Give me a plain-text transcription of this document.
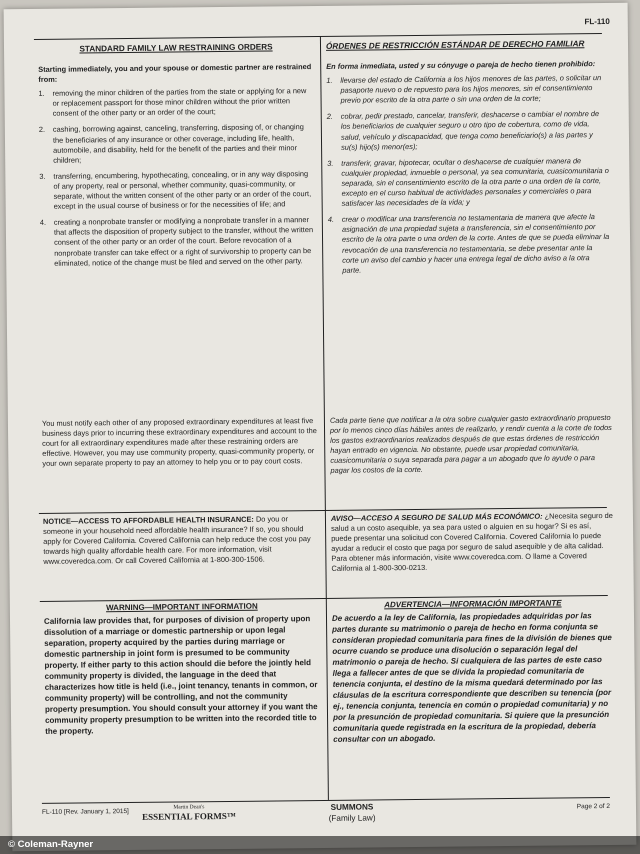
FL-110
STANDARD FAMILY LAW RESTRAINING ORDERS
Starting immediately, you and your spouse or domestic partner are restrained from:
1.	removing the minor children of the parties from the state or applying for a new or replacement passport for those minor children without the prior written consent of the other party or an order of the court;
2.	cashing, borrowing against, canceling, transferring, disposing of, or changing the beneficiaries of any insurance or other coverage, including life, health, automobile, and disability, held for the benefit of the parties and their minor children;
3.	transferring, encumbering, hypothecating, concealing, or in any way disposing of any property, real or personal, whether community, quasi-community, or separate, without the written consent of the other party or an order of the court, except in the usual course of business or for the necessities of life; and
4.	creating a nonprobate transfer or modifying a nonprobate transfer in a manner that affects the disposition of property subject to the transfer, without the written consent of the other party or an order of the court. Before revocation of a nonprobate transfer can take effect or a right of survivorship to property can be eliminated, notice of the change must be filed and served on the other party.
ÓRDENES DE RESTRICCIÓN ESTÁNDAR DE DERECHO FAMILIAR
En forma inmediata, usted y su cónyuge o pareja de hecho tienen prohibido:
1.	llevarse del estado de California a los hijos menores de las partes, o solicitar un pasaporte nuevo o de repuesto para los hijos menores, sin el consentimiento previo por escrito de la otra parte o sin una orden de la corte;
2.	cobrar, pedir prestado, cancelar, transferir, deshacerse o cambiar el nombre de los beneficiarios de cualquier seguro u otro tipo de cobertura, como de vida, salud, vehículo y discapacidad, que tenga como beneficiario(s) a las partes y su(s) hijo(s) menor(es);
3.	transferir, gravar, hipotecar, ocultar o deshacerse de cualquier manera de cualquier propiedad, inmueble o personal, ya sea comunitaria, cuasicomunitaria o separada, sin el consentimiento escrito de la otra parte o una orden de la corte, excepto en el curso habitual de actividades personales y comerciales o para satisfacer las necesidades de la vida; y
4.	crear o modificar una transferencia no testamentaria de manera que afecte la asignación de una propiedad sujeta a transferencia, sin el consentimiento por escrito de la otra parte o una orden de la corte. Antes de que se pueda eliminar la revocación de una transferencia no testamentaria, se debe presentar ante la corte un aviso del cambio y hacer una entrega legal de dicho aviso a la otra parte.

You must notify each other of any proposed extraordinary expenditures at least five business days prior to incurring these extraordinary expenditures and account to the court for all extraordinary expenditures made after these restraining orders are effective. However, you may use community property, quasi-community property, or your own separate property to pay an attorney to help you or to pay court costs.

Cada parte tiene que notificar a la otra sobre cualquier gasto extraordinario propuesto por lo menos cinco días hábiles antes de realizarlo, y rendir cuenta a la corte de todos los gastos extraordinarios realizados después de que estas órdenes de restricción hayan entrado en vigencia. No obstante, puede usar propiedad comunitaria, cuasicomunitaria o suya separada para pagar a un abogado que lo ayude o para pagar los costos de la corte.

NOTICE—ACCESS TO AFFORDABLE HEALTH INSURANCE: Do you or someone in your household need affordable health insurance? If so, you should apply for Covered California. Covered California can help reduce the cost you pay towards high quality affordable health care. For more information, visit www.coveredca.com. Or call Covered California at 1-800-300-1506.

AVISO—ACCESO A SEGURO DE SALUD MÁS ECONÓMICO: ¿Necesita seguro de salud a un costo asequible, ya sea para usted o alguien en su hogar? Si es así, puede presentar una solicitud con Covered California. Covered California lo puede ayudar a reducir el costo que paga por seguro de salud asequible y de alta calidad. Para obtener más información, visite www.coveredca.com. O llame a Covered California al 1-800-300-0213.

WARNING—IMPORTANT INFORMATION

California law provides that, for purposes of division of property upon dissolution of a marriage or domestic partnership or upon legal separation, property acquired by the parties during marriage or domestic partnership in joint form is presumed to be community property. If either party to this action should die before the jointly held community property is divided, the language in the deed that characterizes how title is held (i.e., joint tenancy, tenants in common, or community property) will be controlling, and not the community property presumption. You should consult your attorney if you want the community property presumption to be written into the recorded title to the property.

ADVERTENCIA—INFORMACIÓN IMPORTANTE

De acuerdo a la ley de California, las propiedades adquiridas por las partes durante su matrimonio o pareja de hecho en forma conjunta se consideran propiedad comunitaria para fines de la división de bienes que ocurre cuando se produce una disolución o separación legal del matrimonio o pareja de hecho. Si cualquiera de las partes de este caso llega a fallecer antes de que se divida la propiedad comunitaria de tenencia conjunta, el destino de la misma quedará determinado por las cláusulas de la escritura correspondiente que describen su tenencia (por ej., tenencia conjunta, tenencia en común o propiedad comunitaria) y no por la presunción de propiedad comunitaria. Si quiere que la presunción comunitaria quede registrada en la escritura de la propiedad, debería consultar con un abogado.

FL-110 [Rev. January 1, 2015]
Martin Dean's
ESSENTIAL FORMS™
SUMMONS
(Family Law)
Page 2 of 2
© Coleman-Rayner
